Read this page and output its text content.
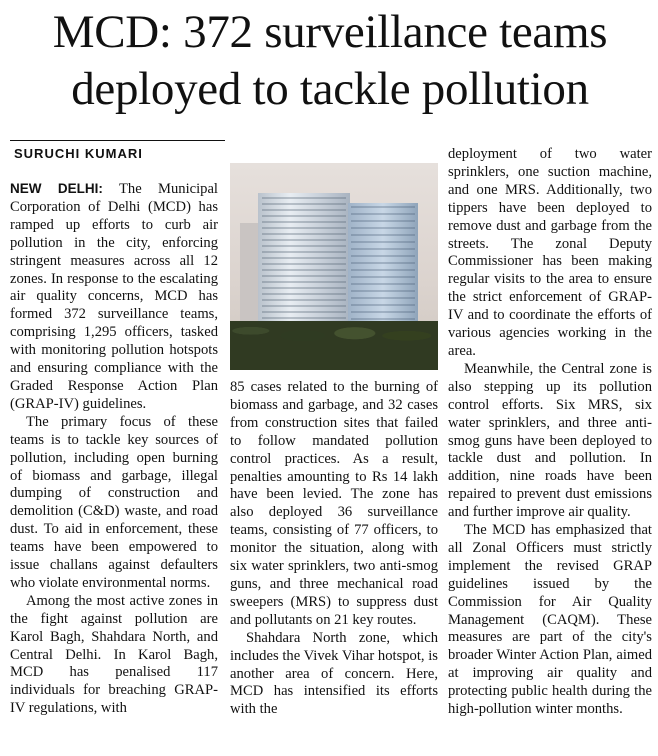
MCD: 372 surveillance teams deployed to tackle pollution
SURUCHI KUMARI

NEW DELHI: The Municipal Corporation of Delhi (MCD) has ramped up efforts to curb air pollution in the city, enforcing stringent measures across all 12 zones. In response to the escalating air quality concerns, MCD has formed 372 surveillance teams, comprising 1,295 officers, tasked with monitoring pollution hotspots and ensuring compliance with the Graded Response Action Plan (GRAP-IV) guidelines.

The primary focus of these teams is to tackle key sources of pollution, including open burning of biomass and garbage, illegal dumping of construction and demolition (C&D) waste, and road dust. To aid in enforcement, these teams have been empowered to issue challans against defaulters who violate environmental norms.

Among the most active zones in the fight against pollution are Karol Bagh, Shahdara North, and Central Delhi. In Karol Bagh, MCD has penalised 117 individuals for breaching GRAP-IV regulations, with

85 cases related to the burning of biomass and garbage, and 32 cases from construction sites that failed to follow mandated pollution control practices. As a result, penalties amounting to Rs 14 lakh have been levied. The zone has also deployed 36 surveillance teams, consisting of 77 officers, to monitor the situation, along with six water sprinklers, two anti-smog guns, and three mechanical road sweepers (MRS) to suppress dust and pollutants on 21 key routes.

Shahdara North zone, which includes the Vivek Vihar hotspot, is another area of concern. Here, MCD has intensified its efforts with the

deployment of two water sprinklers, one suction machine, and one MRS. Additionally, two tippers have been deployed to remove dust and garbage from the streets. The zonal Deputy Commissioner has been making regular visits to the area to ensure the strict enforcement of GRAP-IV and to coordinate the efforts of various agencies working in the area.

Meanwhile, the Central zone is also stepping up its pollution control efforts. Six MRS, six water sprinklers, and three anti-smog guns have been deployed to tackle dust and pollution. In addition, nine roads have been repaired to prevent dust emissions and further improve air quality.

The MCD has emphasized that all Zonal Officers must strictly implement the revised GRAP guidelines issued by the Commission for Air Quality Management (CAQM). These measures are part of the city's broader Winter Action Plan, aimed at improving air quality and protecting public health during the high-pollution winter months.
